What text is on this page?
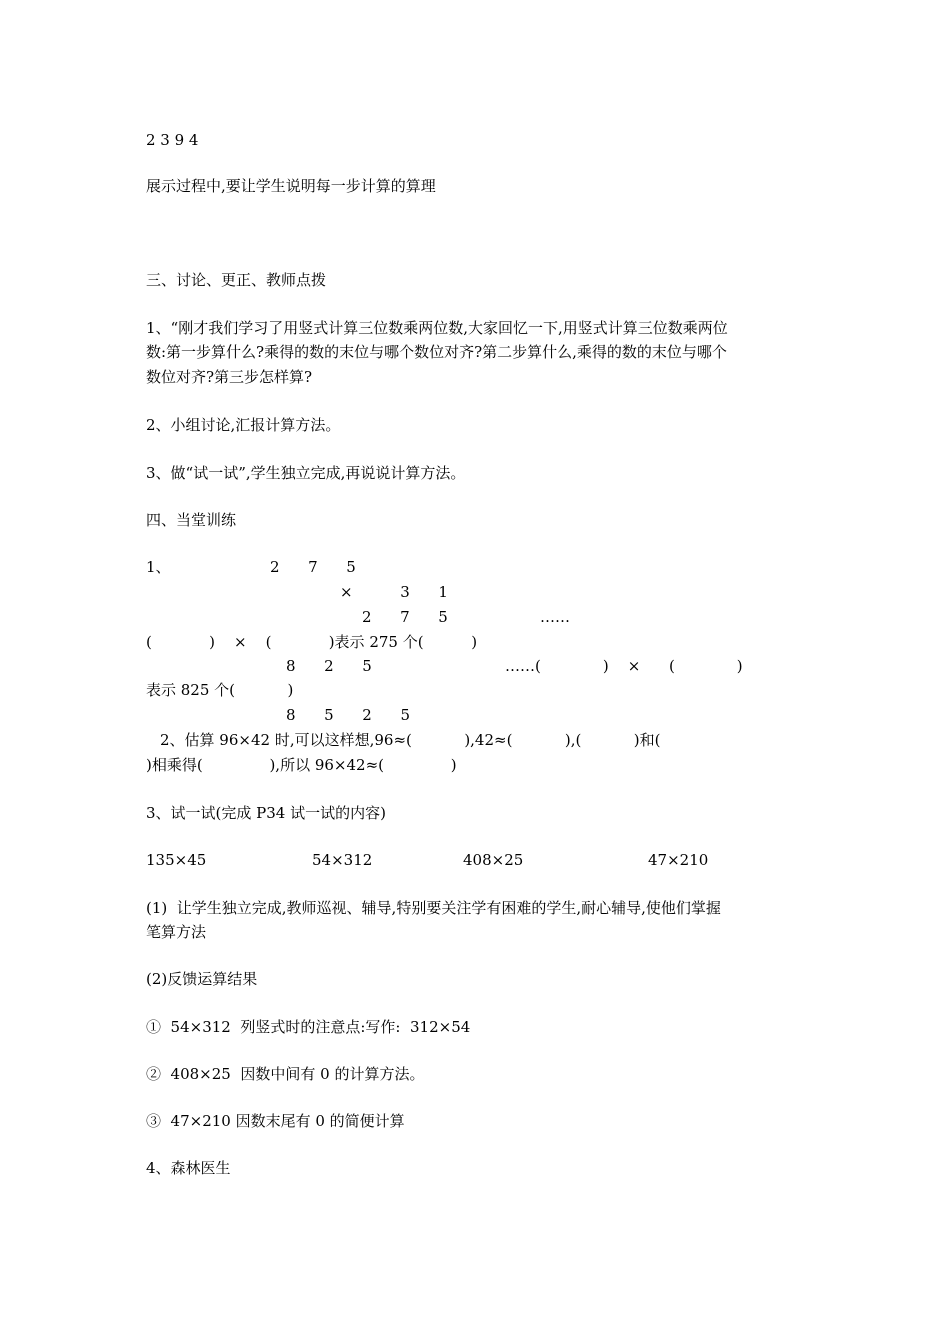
2 3 9 4
展示过程中,要让学生说明每一步计算的算理
三、讨论、更正、教师点拨
1、“刚才我们学习了用竖式计算三位数乘两位数,大家回忆一下,用竖式计算三位数乘两位
数:第一步算什么?乘得的数的末位与哪个数位对齐?第二步算什么,乘得的数的末位与哪个
数位对齐?第三步怎样算?
2、小组讨论,汇报计算方法。
3、做“试一试”,学生独立完成,再说说计算方法。
四、当堂训练
1、	2      7      5
×          3      1
2      7      5	……
(            )    ×    (            )表示 275 个(          )
8      2      5	……(             )    ×      (             )
表示 825 个(           )
8      5      2      5
2、估算 96×42 时,可以这样想,96≈(           ),42≈(           ),(           )和(
)相乘得(              ),所以 96×42≈(              )
3、试一试(完成 P34 试一试的内容)
135×45	54×312	408×25	47×210
(1)  让学生独立完成,教师巡视、辅导,特别要关注学有困难的学生,耐心辅导,使他们掌握
笔算方法
(2)反馈运算结果
①  54×312  列竖式时的注意点:写作:  312×54
②  408×25  因数中间有 0 的计算方法。
③  47×210 因数末尾有 0 的简便计算
4、森林医生
